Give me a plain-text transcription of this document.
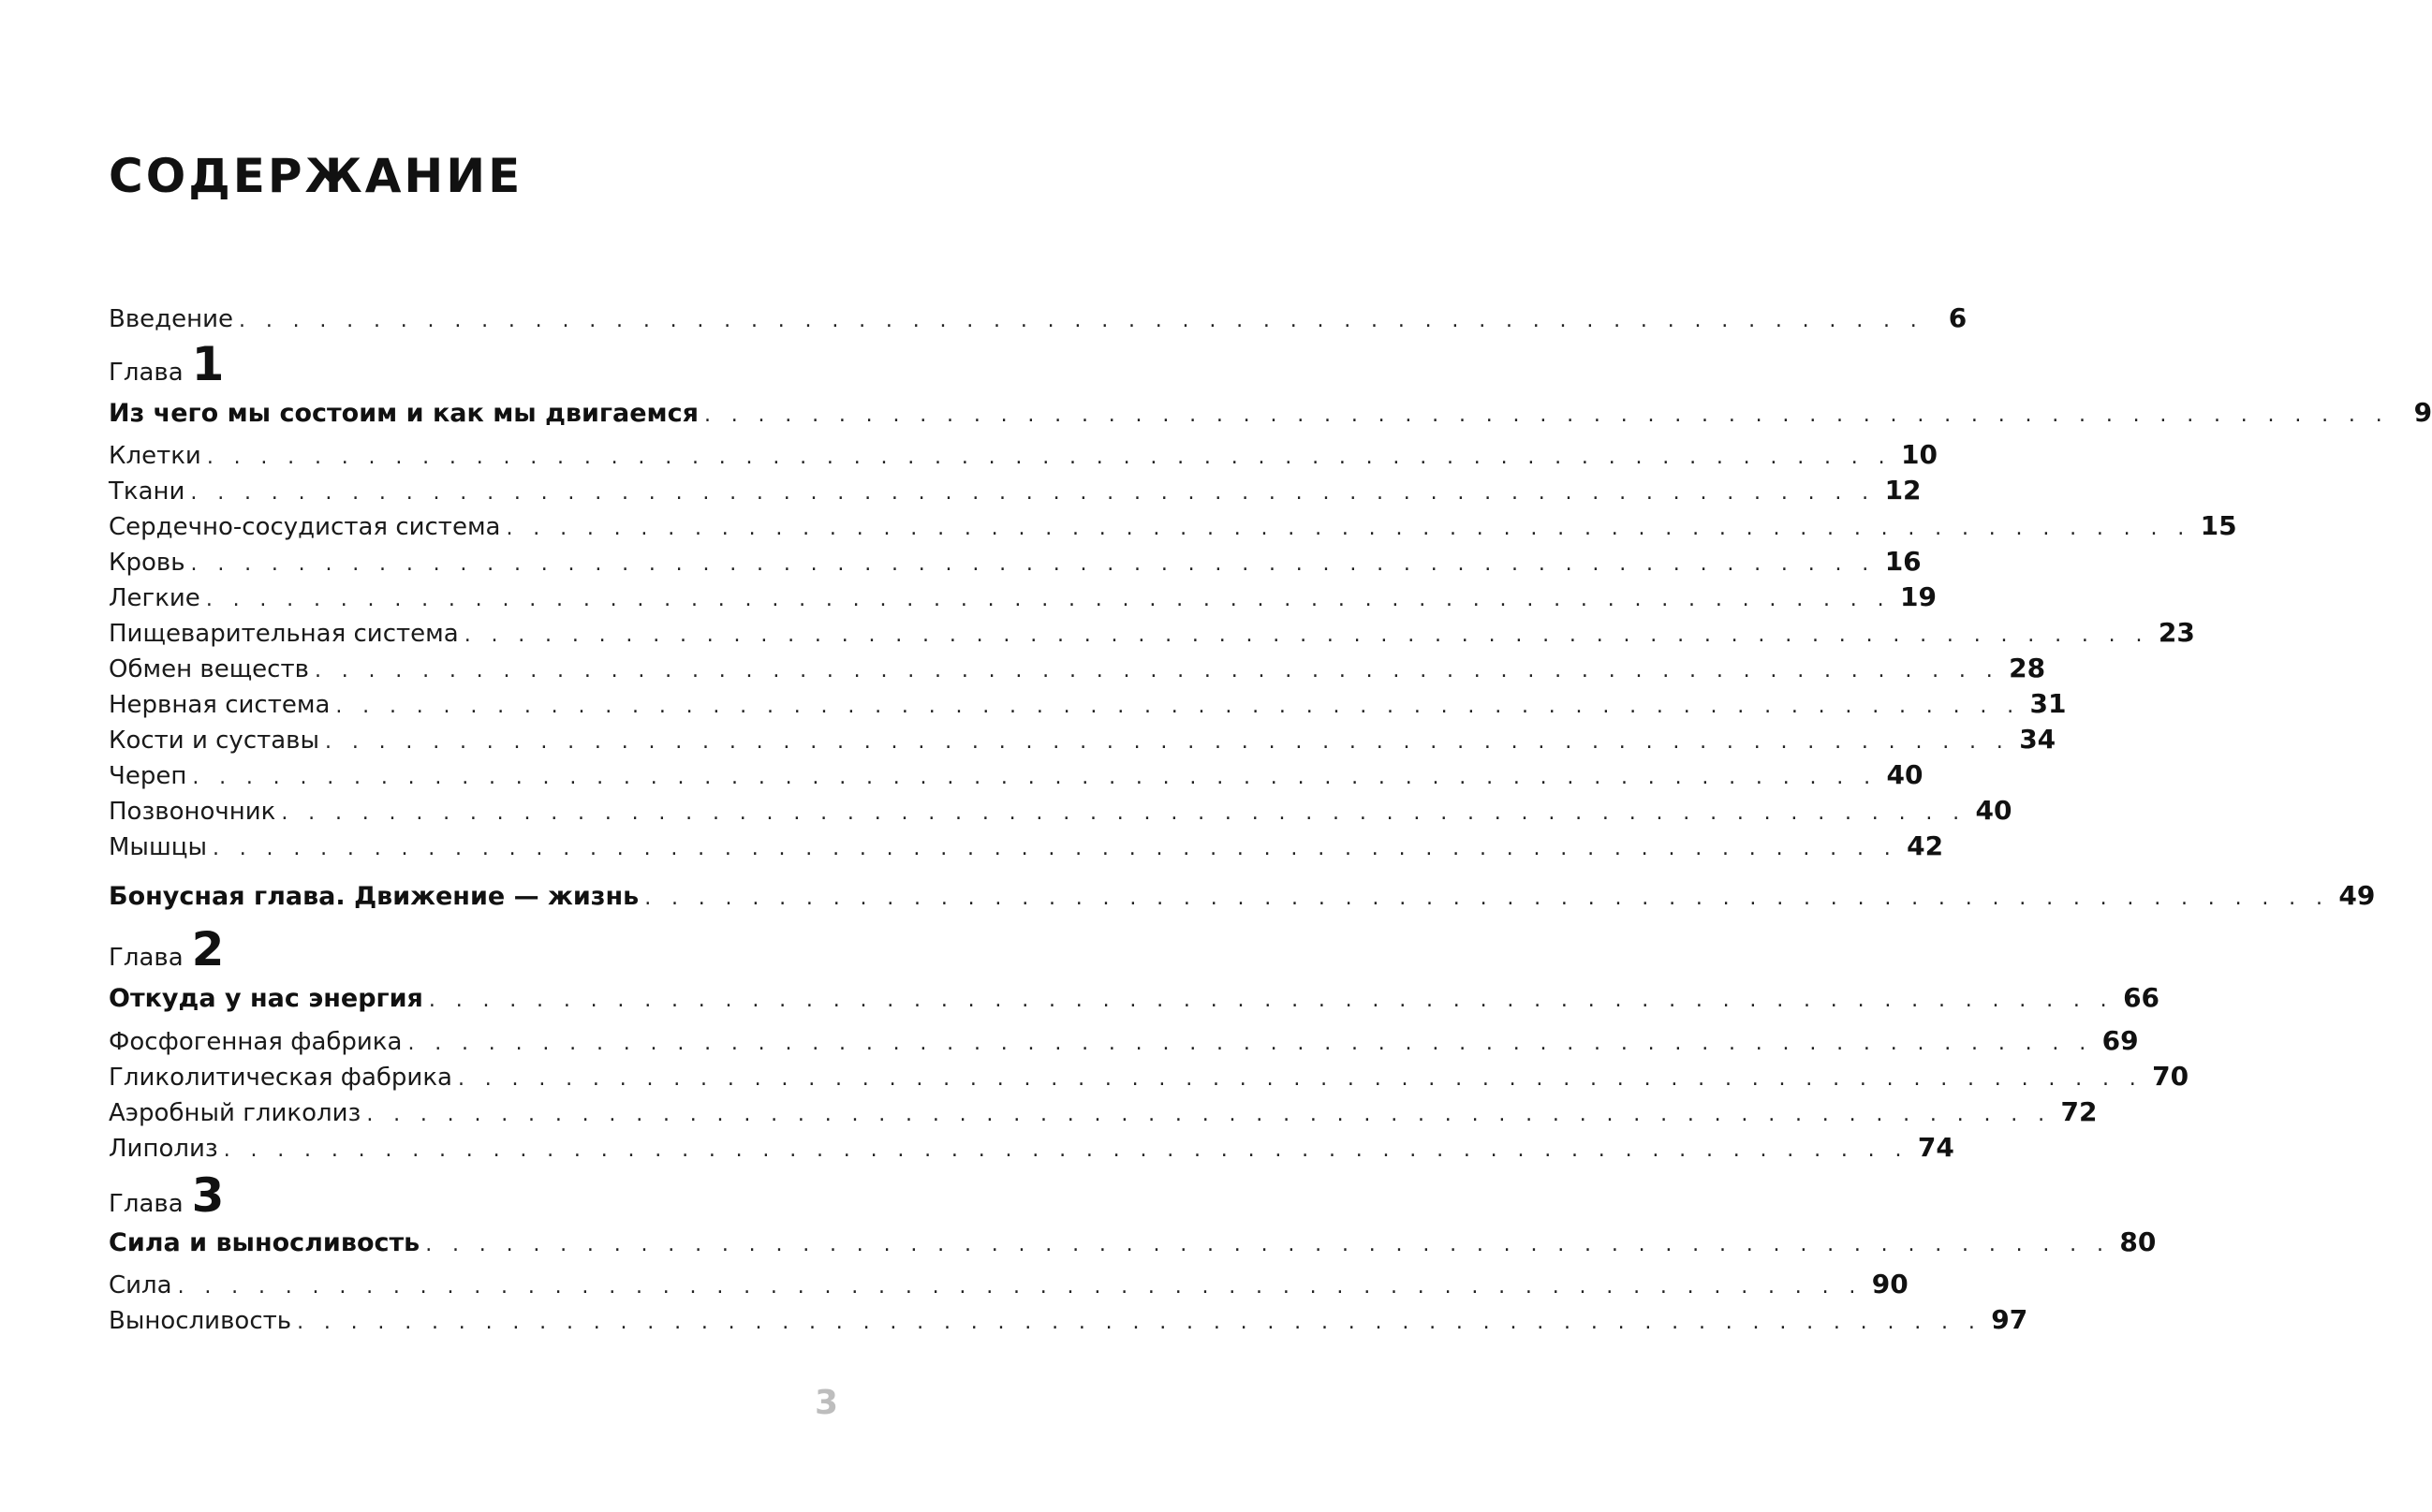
СОДЕРЖАНИЕ
Введение . . . . . . . . . . . . . . . . . . . . . . . . . . . . . . . . . . . . . . . . . . . . . . . . . . . . . . . . . . . . . . . 6
Глава 1
Из чего мы состоим и как мы двигаемся . . . . . . . . . . . . . . . . . . . . . . . . . . . . . . . . . . . . . . . . . . . . . . . . . . . . . . . . . . . . . . . 9
Клетки . . . . . . . . . . . . . . . . . . . . . . . . . . . . . . . . . . . . . . . . . . . . . . . . . . . . . . . . . . . . . . . 10
Ткани . . . . . . . . . . . . . . . . . . . . . . . . . . . . . . . . . . . . . . . . . . . . . . . . . . . . . . . . . . . . . . . 12
Сердечно-сосудистая система . . . . . . . . . . . . . . . . . . . . . . . . . . . . . . . . . . . . . . . . . . . . . . . . . . . . . . . . . . . . . . . 15
Кровь . . . . . . . . . . . . . . . . . . . . . . . . . . . . . . . . . . . . . . . . . . . . . . . . . . . . . . . . . . . . . . . 16
Легкие . . . . . . . . . . . . . . . . . . . . . . . . . . . . . . . . . . . . . . . . . . . . . . . . . . . . . . . . . . . . . . . 19
Пищеварительная система . . . . . . . . . . . . . . . . . . . . . . . . . . . . . . . . . . . . . . . . . . . . . . . . . . . . . . . . . . . . . . . 23
Обмен веществ . . . . . . . . . . . . . . . . . . . . . . . . . . . . . . . . . . . . . . . . . . . . . . . . . . . . . . . . . . . . . . . 28
Нервная система . . . . . . . . . . . . . . . . . . . . . . . . . . . . . . . . . . . . . . . . . . . . . . . . . . . . . . . . . . . . . . . 31
Кости и суставы . . . . . . . . . . . . . . . . . . . . . . . . . . . . . . . . . . . . . . . . . . . . . . . . . . . . . . . . . . . . . . . 34
Череп . . . . . . . . . . . . . . . . . . . . . . . . . . . . . . . . . . . . . . . . . . . . . . . . . . . . . . . . . . . . . . . 40
Позвоночник . . . . . . . . . . . . . . . . . . . . . . . . . . . . . . . . . . . . . . . . . . . . . . . . . . . . . . . . . . . . . . . 40
Мышцы . . . . . . . . . . . . . . . . . . . . . . . . . . . . . . . . . . . . . . . . . . . . . . . . . . . . . . . . . . . . . . . 42
Бонусная глава. Движение — жизнь . . . . . . . . . . . . . . . . . . . . . . . . . . . . . . . . . . . . . . . . . . . . . . . . . . . . . . . . . . . . . . . 49
Глава 2
Откуда у нас энергия . . . . . . . . . . . . . . . . . . . . . . . . . . . . . . . . . . . . . . . . . . . . . . . . . . . . . . . . . . . . . . . 66
Фосфогенная фабрика . . . . . . . . . . . . . . . . . . . . . . . . . . . . . . . . . . . . . . . . . . . . . . . . . . . . . . . . . . . . . . . 69
Гликолитическая фабрика . . . . . . . . . . . . . . . . . . . . . . . . . . . . . . . . . . . . . . . . . . . . . . . . . . . . . . . . . . . . . . . 70
Аэробный гликолиз . . . . . . . . . . . . . . . . . . . . . . . . . . . . . . . . . . . . . . . . . . . . . . . . . . . . . . . . . . . . . . . 72
Липолиз . . . . . . . . . . . . . . . . . . . . . . . . . . . . . . . . . . . . . . . . . . . . . . . . . . . . . . . . . . . . . . . 74
Глава 3
Сила и выносливость . . . . . . . . . . . . . . . . . . . . . . . . . . . . . . . . . . . . . . . . . . . . . . . . . . . . . . . . . . . . . . . 80
Сила . . . . . . . . . . . . . . . . . . . . . . . . . . . . . . . . . . . . . . . . . . . . . . . . . . . . . . . . . . . . . . . 90
Выносливость . . . . . . . . . . . . . . . . . . . . . . . . . . . . . . . . . . . . . . . . . . . . . . . . . . . . . . . . . . . . . . . 97
3
